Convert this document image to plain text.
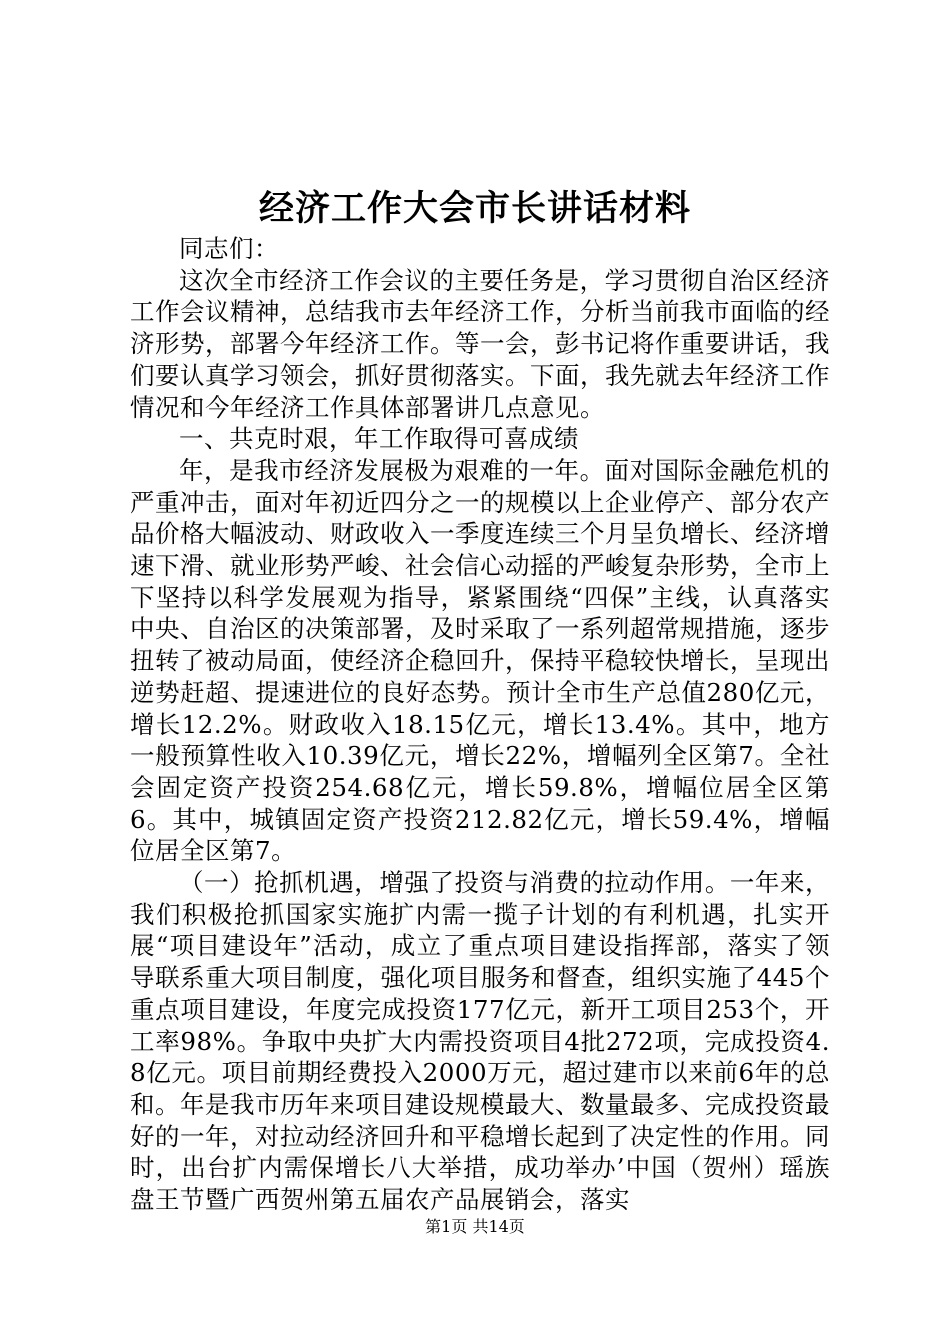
经济工作大会市长讲话材料

同志们：

这次全市经济工作会议的主要任务是，学习贯彻自治区经济工作会议精神，总结我市去年经济工作，分析当前我市面临的经济形势，部署今年经济工作。等一会，彭书记将作重要讲话，我们要认真学习领会，抓好贯彻落实。下面，我先就去年经济工作情况和今年经济工作具体部署讲几点意见。

一、共克时艰，年工作取得可喜成绩

年，是我市经济发展极为艰难的一年。面对国际金融危机的严重冲击，面对年初近四分之一的规模以上企业停产、部分农产品价格大幅波动、财政收入一季度连续三个月呈负增长、经济增速下滑、就业形势严峻、社会信心动摇的严峻复杂形势，全市上下坚持以科学发展观为指导，紧紧围绕“四保”主线，认真落实中央、自治区的决策部署，及时采取了一系列超常规措施，逐步扭转了被动局面，使经济企稳回升，保持平稳较快增长，呈现出逆势赶超、提速进位的良好态势。预计全市生产总值280亿元，增长12.2%。财政收入18.15亿元，增长13.4%。其中，地方一般预算性收入10.39亿元，增长22%，增幅列全区第7。全社会固定资产投资254.68亿元，增长59.8%，增幅位居全区第6。其中，城镇固定资产投资212.82亿元，增长59.4%，增幅位居全区第7。

（一）抢抓机遇，增强了投资与消费的拉动作用。一年来，我们积极抢抓国家实施扩内需一揽子计划的有利机遇，扎实开展“项目建设年”活动，成立了重点项目建设指挥部，落实了领导联系重大项目制度，强化项目服务和督查，组织实施了445个重点项目建设，年度完成投资177亿元，新开工项目253个，开工率98%。争取中央扩大内需投资项目4批272项，完成投资4.8亿元。项目前期经费投入2000万元，超过建市以来前6年的总和。年是我市历年来项目建设规模最大、数量最多、完成投资最好的一年，对拉动经济回升和平稳增长起到了决定性的作用。同时，出台扩内需保增长八大举措，成功举办’中国（贺州）瑶族盘王节暨广西贺州第五届农产品展销会，落实

第1页 共14页
